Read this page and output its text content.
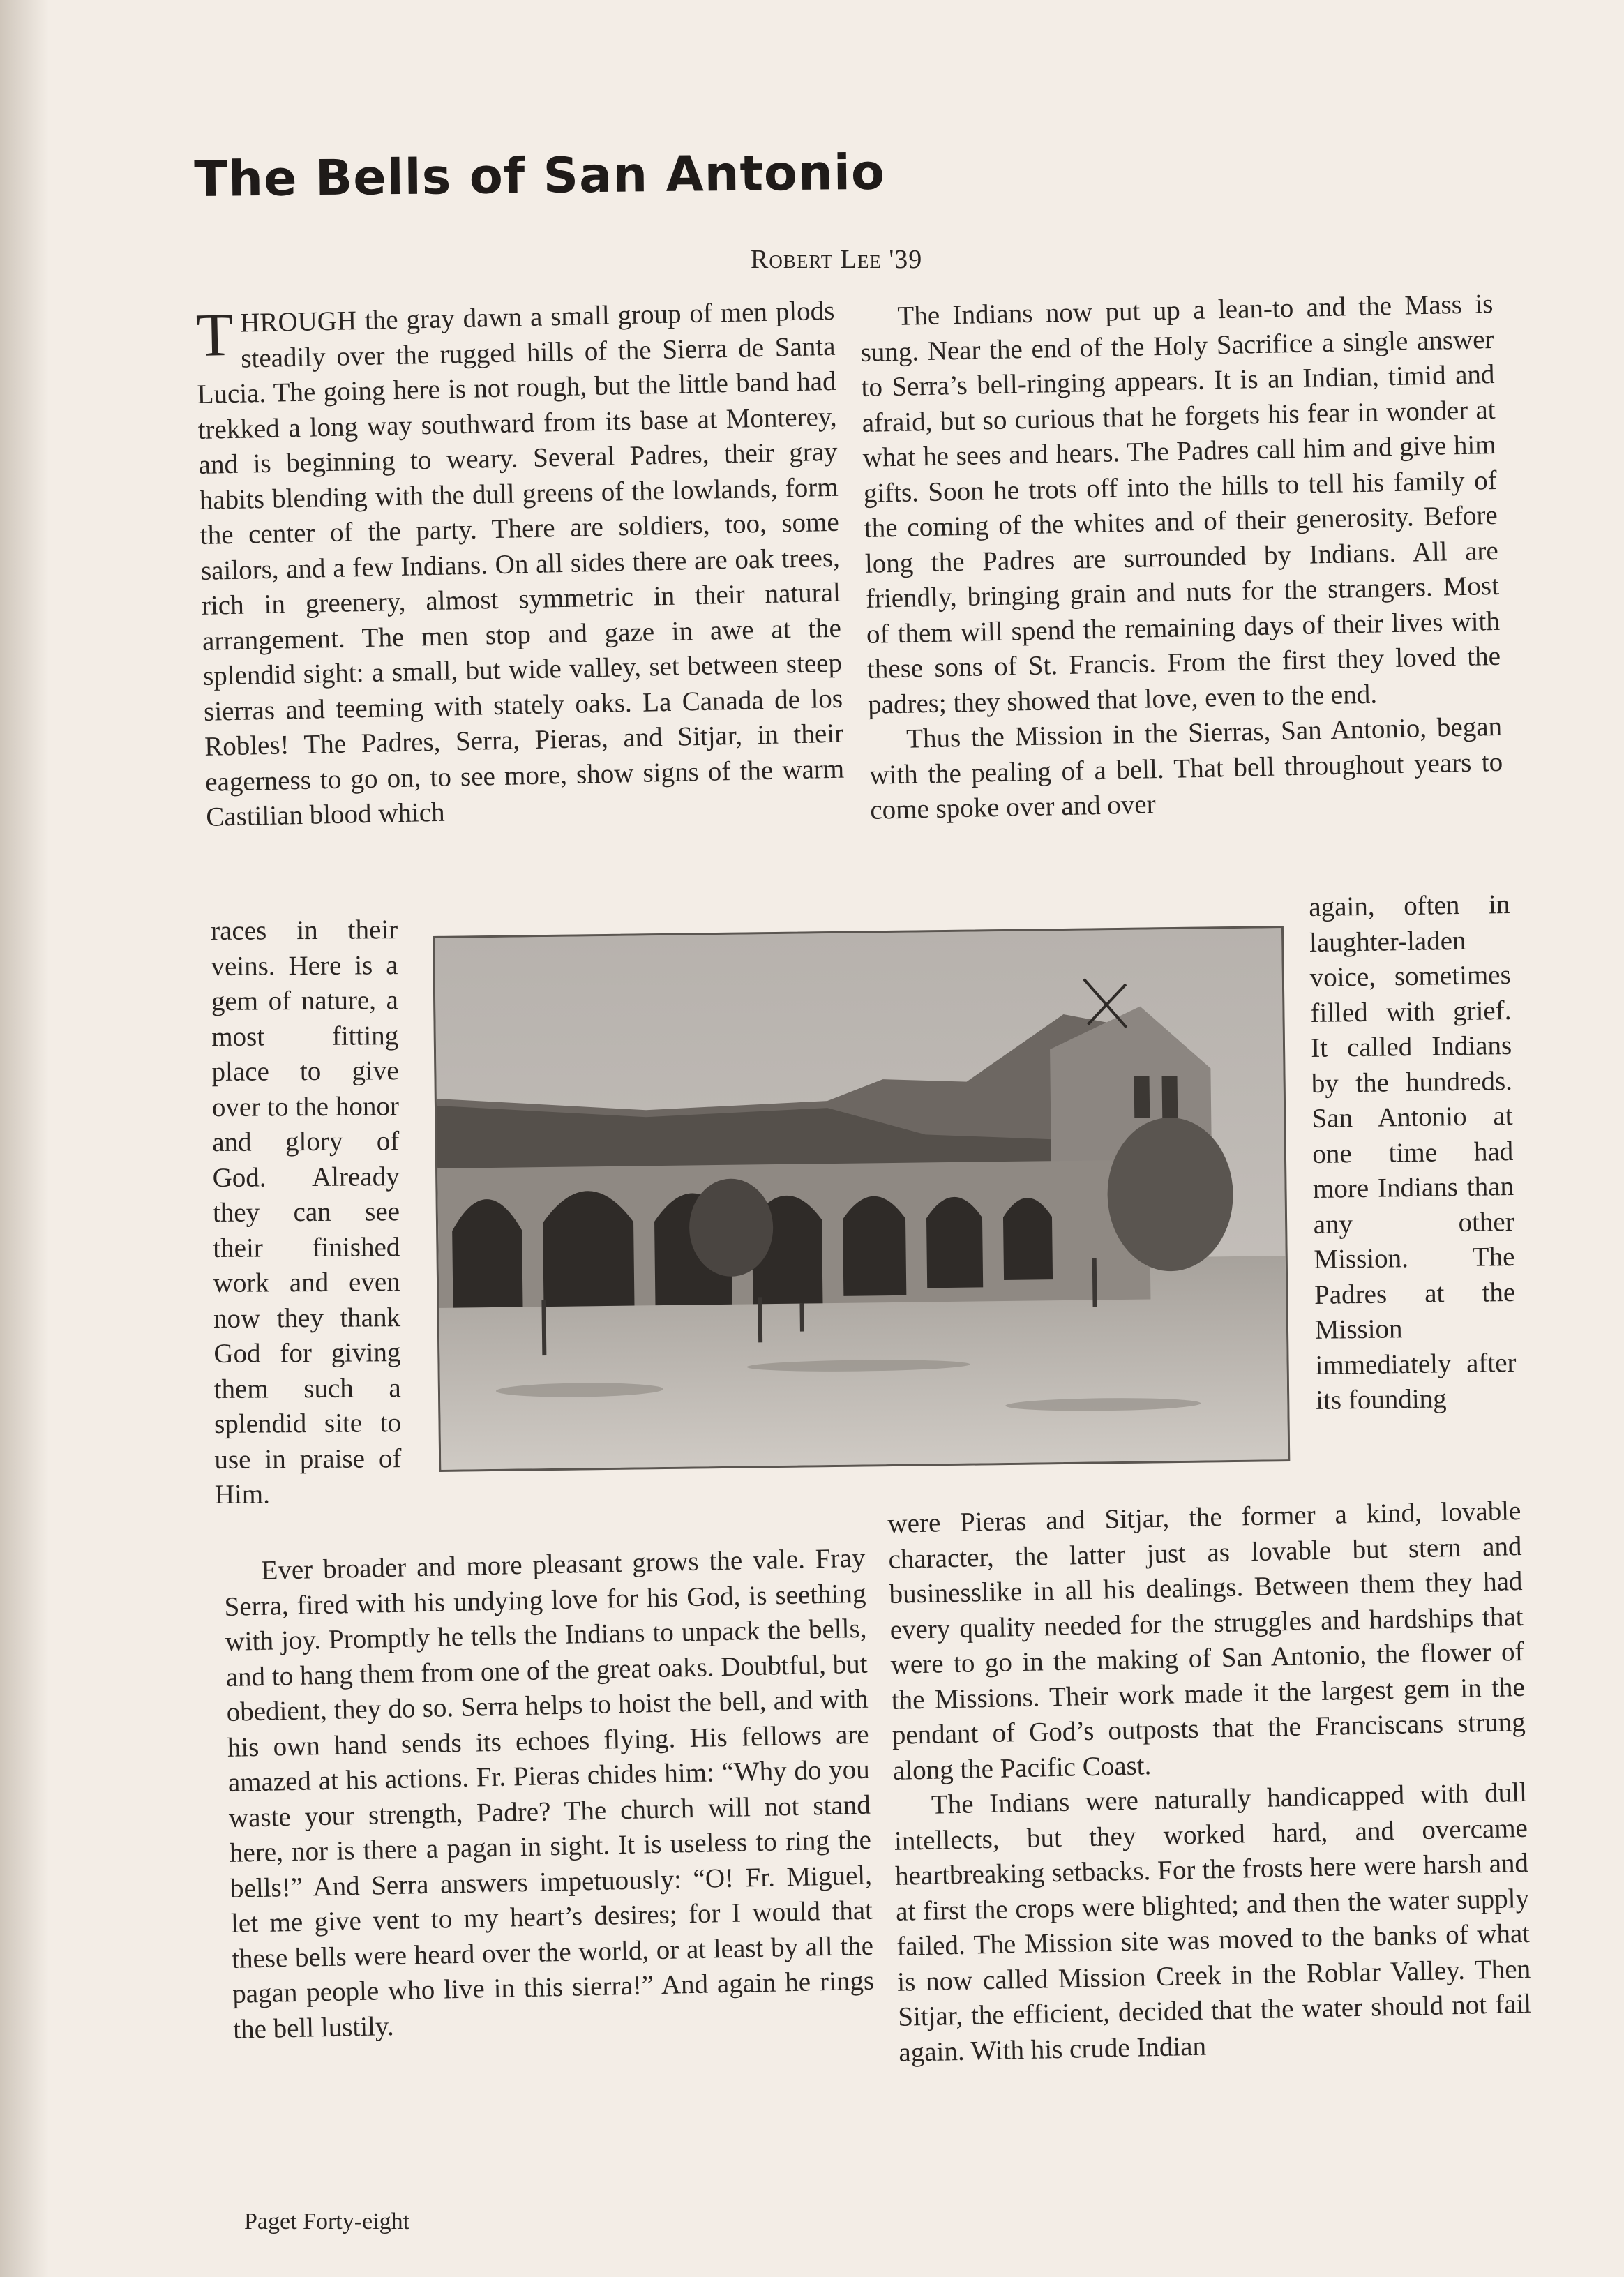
The Bells of San Antonio
Robert Lee '39

THROUGH the gray dawn a small group of men plods steadily over the rugged hills of the Sierra de Santa Lucia. The going here is not rough, but the little band had trekked a long way southward from its base at Monterey, and is beginning to weary. Several Padres, their gray habits blending with the dull greens of the lowlands, form the center of the party. There are soldiers, too, some sailors, and a few Indians. On all sides there are oak trees, rich in greenery, almost symmetric in their natural arrangement. The men stop and gaze in awe at the splendid sight: a small, but wide valley, set between steep sierras and teeming with stately oaks. La Canada de los Robles! The Padres, Serra, Pieras, and Sitjar, in their eagerness to go on, to see more, show signs of the warm Castilian blood which

races in their veins. Here is a gem of nature, a most fitting place to give over to the honor and glory of God. Already they can see their finished work and even now they thank God for giving them such a splendid site to use in praise of Him.

Ever broader and more pleasant grows the vale. Fray Serra, fired with his undying love for his God, is seething with joy. Promptly he tells the Indians to unpack the bells, and to hang them from one of the great oaks. Doubtful, but obedient, they do so. Serra helps to hoist the bell, and with his own hand sends its echoes flying. His fellows are amazed at his actions. Fr. Pieras chides him: “Why do you waste your strength, Padre? The church will not stand here, nor is there a pagan in sight. It is useless to ring the bells!” And Serra answers impetuously: “O! Fr. Miguel, let me give vent to my heart’s desires; for I would that these bells were heard over the world, or at least by all the pagan people who live in this sierra!” And again he rings the bell lustily.

The Indians now put up a lean-to and the Mass is sung. Near the end of the Holy Sacrifice a single answer to Serra’s bell-ringing appears. It is an Indian, timid and afraid, but so curious that he forgets his fear in wonder at what he sees and hears. The Padres call him and give him gifts. Soon he trots off into the hills to tell his family of the coming of the whites and of their generosity. Before long the Padres are surrounded by Indians. All are friendly, bringing grain and nuts for the strangers. Most of them will spend the remaining days of their lives with these sons of St. Francis. From the first they loved the padres; they showed that love, even to the end.

Thus the Mission in the Sierras, San Antonio, began with the pealing of a bell. That bell throughout years to come spoke over and over

again, often in laughter-laden voice, sometimes filled with grief. It called Indians by the hundreds. San Antonio at one time had more Indians than any other Mission. The Padres at the Mission immediately after its founding

were Pieras and Sitjar, the former a kind, lovable character, the latter just as lovable but stern and businesslike in all his dealings. Between them they had every quality needed for the struggles and hardships that were to go in the making of San Antonio, the flower of the Missions. Their work made it the largest gem in the pendant of God’s outposts that the Franciscans strung along the Pacific Coast.

The Indians were naturally handicapped with dull intellects, but they worked hard, and overcame heartbreaking setbacks. For the frosts here were harsh and at first the crops were blighted; and then the water supply failed. The Mission site was moved to the banks of what is now called Mission Creek in the Roblar Valley. Then Sitjar, the efficient, decided that the water should not fail again. With his crude Indian

Paget Forty-eight
